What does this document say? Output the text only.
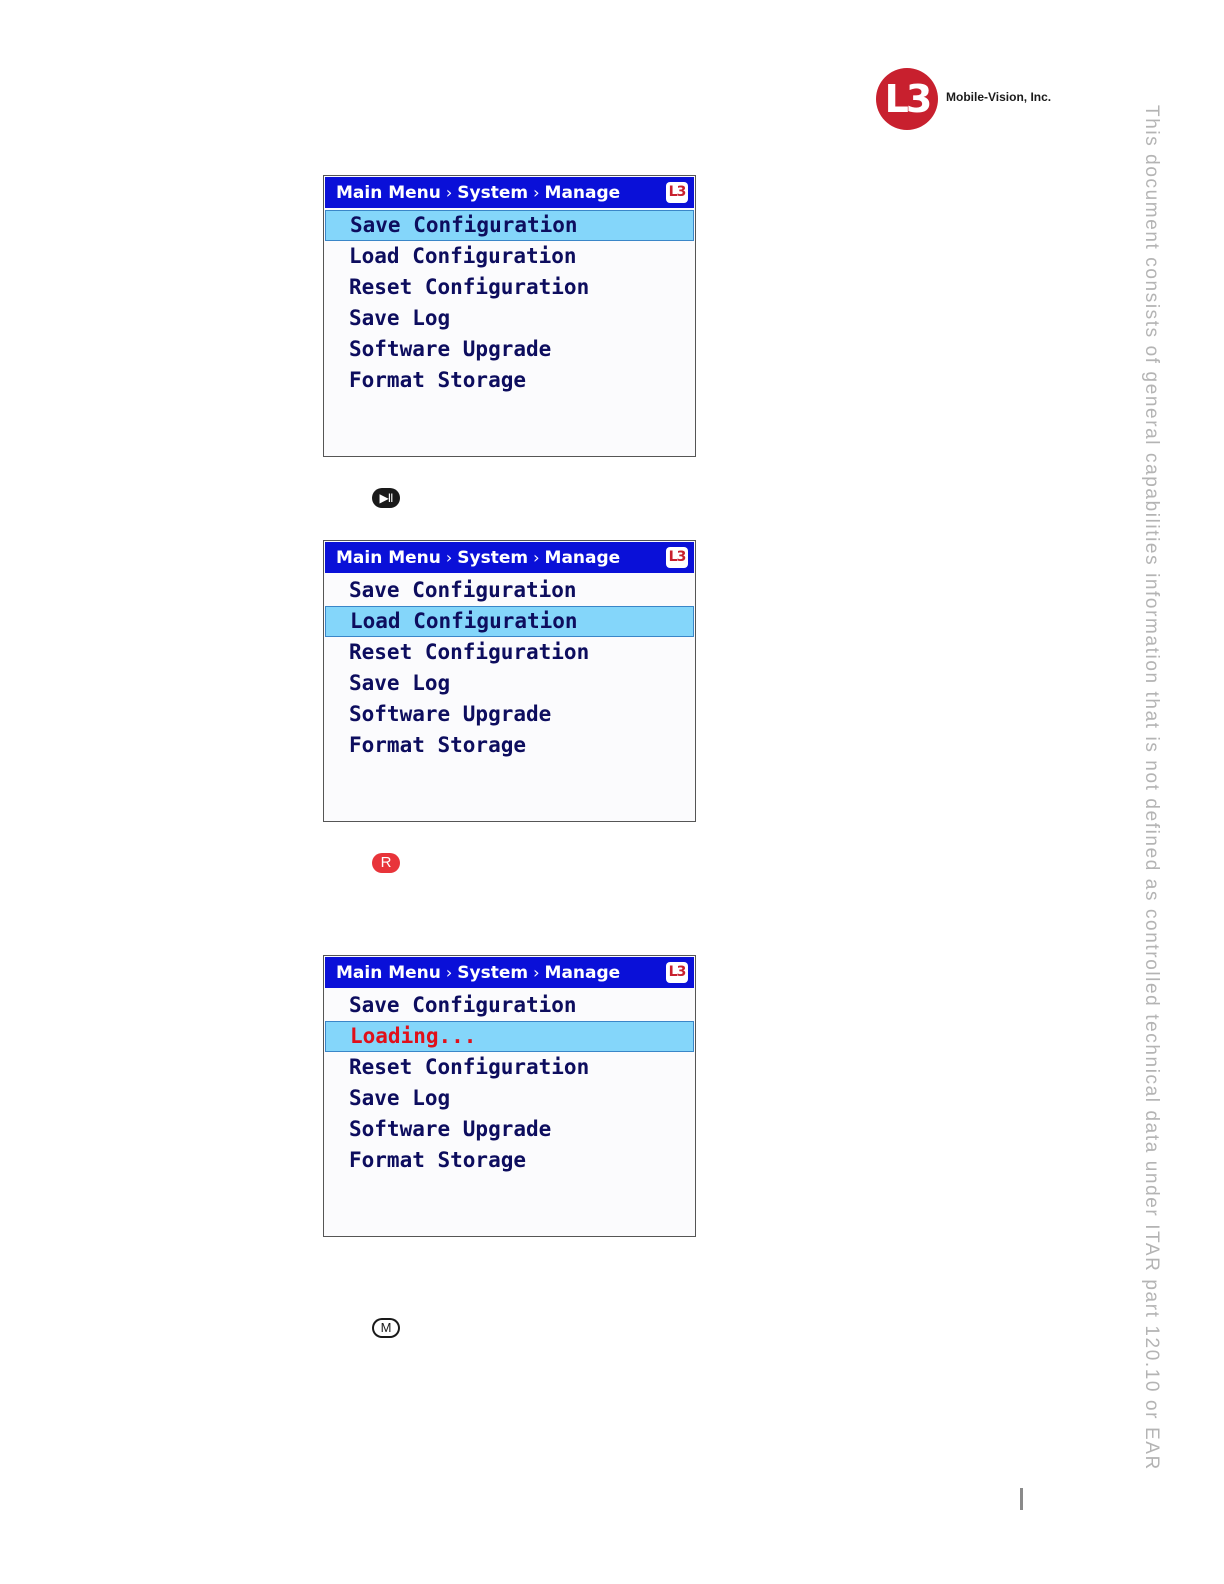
L3	Mobile-Vision, Inc.
This document consists of general capabilities information that is not defined as controlled technical data under ITAR part 120.10 or EAR
Main Menu › System › Manage	L3
Save Configuration
Load Configuration
Reset Configuration
Save Log
Software Upgrade
Format Storage
▶II
Main Menu › System › Manage	L3
Save Configuration
Load Configuration
Reset Configuration
Save Log
Software Upgrade
Format Storage
R
Main Menu › System › Manage	L3
Save Configuration
Loading...
Reset Configuration
Save Log
Software Upgrade
Format Storage
M
